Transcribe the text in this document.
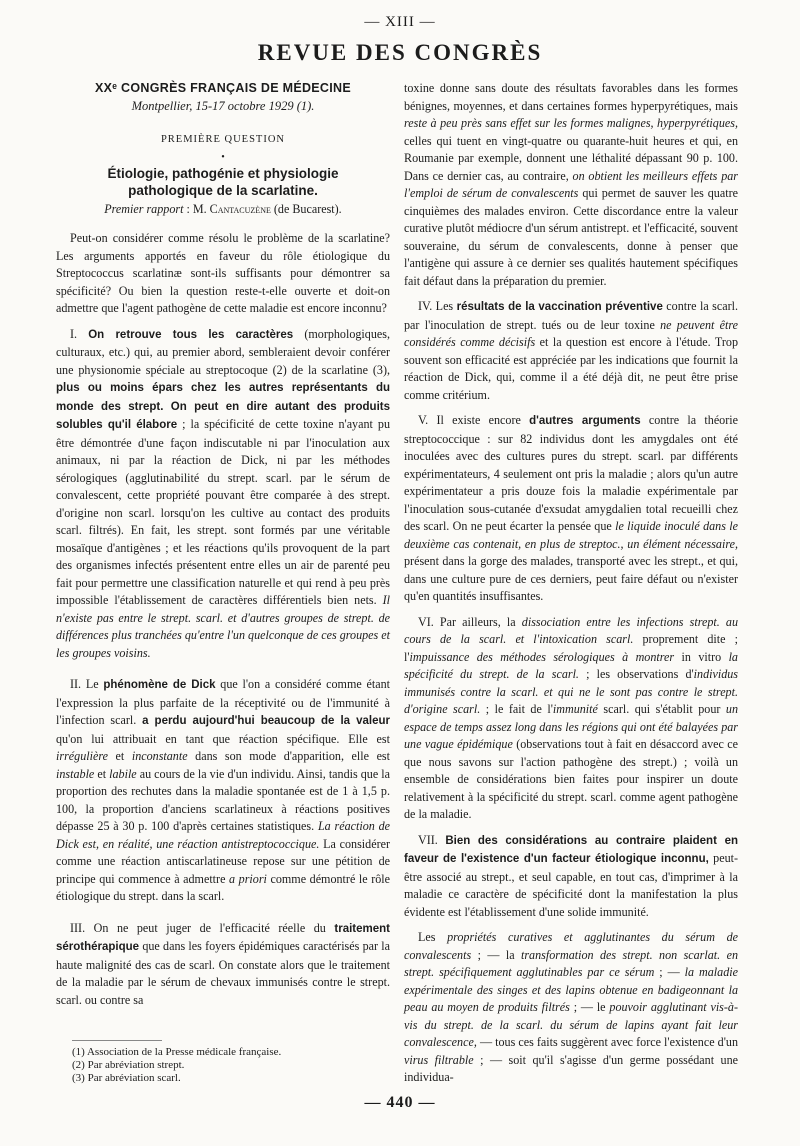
— XIII —
REVUE DES CONGRÈS
XXᵉ CONGRÈS FRANÇAIS DE MÉDECINE
Montpellier, 15-17 octobre 1929 (1).
PREMIÈRE QUESTION
•
Étiologie, pathogénie et physiologie
pathologique de la scarlatine.
Premier rapport : M. Cantacuzène (de Bucarest).

Peut-on considérer comme résolu le problème de la scarlatine? Les arguments apportés en faveur du rôle étiologique du Streptococcus scarlatinæ sont-ils suffisants pour démontrer sa spécificité? Ou bien la question reste-t-elle ouverte et doit-on admettre que l'agent pathogène de cette maladie est encore inconnu?

I. On retrouve tous les caractères (morphologiques, culturaux, etc.) qui, au premier abord, sembleraient devoir conférer une physionomie spéciale au streptocoque (2) de la scarlatine (3), plus ou moins épars chez les autres représentants du monde des strept. On peut en dire autant des produits solubles qu'il élabore ; la spécificité de cette toxine n'ayant pu être démontrée d'une façon indiscutable ni par l'inoculation aux animaux, ni par la réaction de Dick, ni par les méthodes sérologiques (agglutinabilité du strept. scarl. par le sérum de convalescent, cette propriété pouvant être comparée à des strept. d'origine non scarl. lorsqu'on les cultive au contact des produits scarl. filtrés). En fait, les strept. sont formés par une véritable mosaïque d'antigènes ; et les réactions qu'ils provoquent de la part des organismes infectés présentent entre elles un air de parenté peu fait pour permettre une classification naturelle et qui rend à peu près impossible l'établissement de caractères différentiels bien nets. Il n'existe pas entre le strept. scarl. et d'autres groupes de strept. de différences plus tranchées qu'entre l'un quelconque de ces groupes et les groupes voisins.

II. Le phénomène de Dick que l'on a considéré comme étant l'expression la plus parfaite de la réceptivité ou de l'immunité à l'infection scarl. a perdu aujourd'hui beaucoup de la valeur qu'on lui attribuait en tant que réaction spécifique. Elle est irrégulière et inconstante dans son mode d'apparition, elle est instable et labile au cours de la vie d'un individu. Ainsi, tandis que la proportion des rechutes dans la maladie spontanée est de 1 à 1,5 p. 100, la proportion d'anciens scarlatineux à réactions positives dépasse 25 à 30 p. 100 d'après certaines statistiques. La réaction de Dick est, en réalité, une réaction antistreptococcique. La considérer comme une réaction antiscarlatineuse repose sur une pétition de principe qui commence à admettre a priori comme démontré le rôle étiologique du strept. dans la scarl.

III. On ne peut juger de l'efficacité réelle du traitement sérothérapique que dans les foyers épidémiques caractérisés par la haute malignité des cas de scarl. On constate alors que le traitement de la maladie par le sérum de chevaux immunisés contre le strept. scarl. ou contre sa

toxine donne sans doute des résultats favorables dans les formes bénignes, moyennes, et dans certaines formes hyperpyrétiques, mais reste à peu près sans effet sur les formes malignes, hyperpyrétiques, celles qui tuent en vingt-quatre ou quarante-huit heures et qui, en Roumanie par exemple, donnent une léthalité dépassant 90 p. 100. Dans ce dernier cas, au contraire, on obtient les meilleurs effets par l'emploi de sérum de convalescents qui permet de sauver les quatre cinquièmes des malades environ. Cette discordance entre la valeur curative plutôt médiocre d'un sérum antistrept. et l'efficacité, souvent souveraine, du sérum de convalescents, donne à penser que l'antigène qui assure à ce dernier ses qualités hautement spécifiques fait défaut dans la préparation du premier.

IV. Les résultats de la vaccination préventive contre la scarl. par l'inoculation de strept. tués ou de leur toxine ne peuvent être considérés comme décisifs et la question est encore à l'étude. Trop souvent son efficacité est appréciée par les indications que fournit la réaction de Dick, qui, comme il a été déjà dit, ne peut être prise comme critérium.

V. Il existe encore d'autres arguments contre la théorie streptococcique : sur 82 individus dont les amygdales ont été inoculées avec des cultures pures du strept. scarl. par différents expérimentateurs, 4 seulement ont pris la maladie ; alors qu'un autre expérimentateur a pris douze fois la maladie expérimentale par l'inoculation sous-cutanée d'exsudat amygdalien total recueilli chez des scarl. On ne peut écarter la pensée que le liquide inoculé dans le deuxième cas contenait, en plus de streptoc., un élément nécessaire, présent dans la gorge des malades, transporté avec les strept., et qui, dans une culture pure de ces derniers, peut faire défaut ou n'exister qu'en quantités insuffisantes.

VI. Par ailleurs, la dissociation entre les infections strept. au cours de la scarl. et l'intoxication scarl. proprement dite ; l'impuissance des méthodes sérologiques à montrer in vitro la spécificité du strept. de la scarl. ; les observations d'individus immunisés contre la scarl. et qui ne le sont pas contre le strept. d'origine scarl. ; le fait de l'immunité scarl. qui s'établit pour un espace de temps assez long dans les régions qui ont été balayées par une vague épidémique (observations tout à fait en désaccord avec ce que nous savons sur l'action pathogène des strept.) ; voilà un ensemble de considérations bien faites pour inspirer un doute relativement à la spécificité du strept. scarl. comme agent pathogène de la maladie.

VII. Bien des considérations au contraire plaident en faveur de l'existence d'un facteur étiologique inconnu, peut-être associé au strept., et seul capable, en tout cas, d'imprimer à la maladie ce caractère de spécificité dont la manifestation la plus évidente est l'établissement d'une solide immunité.

Les propriétés curatives et agglutinantes du sérum de convalescents ; — la transformation des strept. non scarlat. en strept. spécifiquement agglutinables par ce sérum ; — la maladie expérimentale des singes et des lapins obtenue en badigeonnant la peau au moyen de produits filtrés ; — le pouvoir agglutinant vis-à-vis du strept. de la scarl. du sérum de lapins ayant fait leur convalescence, — tous ces faits suggèrent avec force l'existence d'un virus filtrable ; — soit qu'il s'agisse d'un germe possédant une individua-

(1) Association de la Presse médicale française.
(2) Par abréviation strept.
(3) Par abréviation scarl.
— 440 —
